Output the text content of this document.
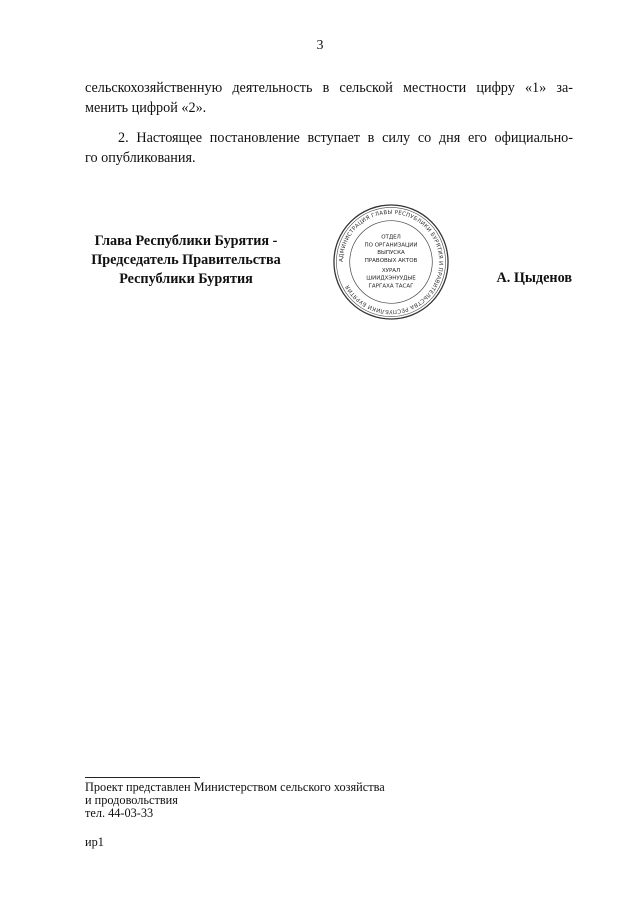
3
сельскохозяйственную деятельность в сельской местности цифру «1» за-
менить цифрой «2».
2. Настоящее постановление вступает в силу со дня его официально-
го опубликования.
Глава Республики Бурятия -
Председатель Правительства
Республики Бурятия
АДМИНИСТРАЦИЯ ГЛАВЫ РЕСПУБЛИКИ БУРЯТИЯ И ПРАВИТЕЛЬСТВА РЕСПУБЛИКИ БУРЯТИЯ
ОТДЕЛ
ПО ОРГАНИЗАЦИИ
ВЫПУСКА
ПРАВОВЫХ АКТОВ
ХУРАЛ
ШИИДХЭНУУДЫЕ
ГАРГАХА ТАСАГ
А. Цыденов
Проект представлен Министерством сельского хозяйства
и продовольствия
тел. 44-03-33
ир1
